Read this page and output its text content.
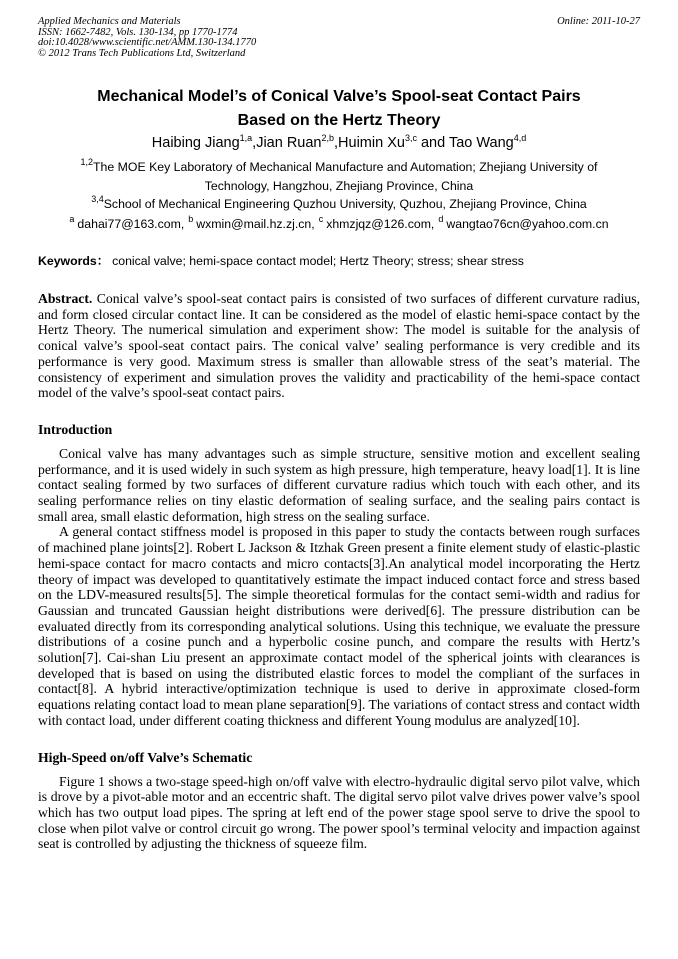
Applied Mechanics and Materials
ISSN: 1662-7482, Vols. 130-134, pp 1770-1774
doi:10.4028/www.scientific.net/AMM.130-134.1770
© 2012 Trans Tech Publications Ltd, Switzerland
Online: 2011-10-27
Mechanical Model’s of Conical Valve’s Spool-seat Contact Pairs
Based on the Hertz Theory
Haibing Jiang$^{1,a}$,Jian Ruan$^{2,b}$,Huimin Xu$^{3,c}$ and Tao Wang$^{4,d}$
$^{1,2}$The MOE Key Laboratory of Mechanical Manufacture and Automation; Zhejiang University of Technology, Hangzhou, Zhejiang Province, China
$^{3,4}$School of Mechanical Engineering Quzhou University, Quzhou, Zhejiang Province, China
$^a$ dahai77@163.com, $^b$ wxmin@mail.hz.zj.cn, $^c$ xhmzjqz@126.com, $^d$ wangtao76cn@yahoo.com.cn
Keywords： conical valve; hemi-space contact model; Hertz Theory; stress; shear stress

Abstract. Conical valve’s spool-seat contact pairs is consisted of two surfaces of different curvature radius, and form closed circular contact line. It can be considered as the model of elastic hemi-space contact by the Hertz Theory. The numerical simulation and experiment show: The model is suitable for the analysis of conical valve’s spool-seat contact pairs. The conical valve’ sealing performance is very credible and its performance is very good. Maximum stress is smaller than allowable stress of the seat’s material. The consistency of experiment and simulation proves the validity and practicability of the hemi-space contact model of the valve’s spool-seat contact pairs.

Introduction

Conical valve has many advantages such as simple structure, sensitive motion and excellent sealing performance, and it is used widely in such system as high pressure, high temperature, heavy load[1]. It is line contact sealing formed by two surfaces of different curvature radius which touch with each other, and its sealing performance relies on tiny elastic deformation of sealing surface, and the sealing pairs contact is small area, small elastic deformation, high stress on the sealing surface.

A general contact stiffness model is proposed in this paper to study the contacts between rough surfaces of machined plane joints[2]. Robert L Jackson & Itzhak Green present a finite element study of elastic-plastic hemi-space contact for macro contacts and micro contacts[3].An analytical model incorporating the Hertz theory of impact was developed to quantitatively estimate the impact induced contact force and stress based on the LDV-measured results[5]. The simple theoretical formulas for the contact semi-width and radius for Gaussian and truncated Gaussian height distributions were derived[6]. The pressure distribution can be evaluated directly from its corresponding analytical solutions. Using this technique, we evaluate the pressure distributions of a cosine punch and a hyperbolic cosine punch, and compare the results with Hertz’s solution[7]. Cai-shan Liu present an approximate contact model of the spherical joints with clearances is developed that is based on using the distributed elastic forces to model the compliant of the surfaces in contact[8]. A hybrid interactive/optimization technique is used to derive in approximate closed-form equations relating contact load to mean plane separation[9]. The variations of contact stress and contact width with contact load, under different coating thickness and different Young modulus are analyzed[10].

High-Speed on/off Valve’s Schematic

Figure 1 shows a two-stage speed-high on/off valve with electro-hydraulic digital servo pilot valve, which is drove by a pivot-able motor and an eccentric shaft. The digital servo pilot valve drives power valve’s spool which has two output load pipes. The spring at left end of the power stage spool serve to drive the spool to close when pilot valve or control circuit go wrong. The power spool’s terminal velocity and impaction against seat is controlled by adjusting the thickness of squeeze film.
